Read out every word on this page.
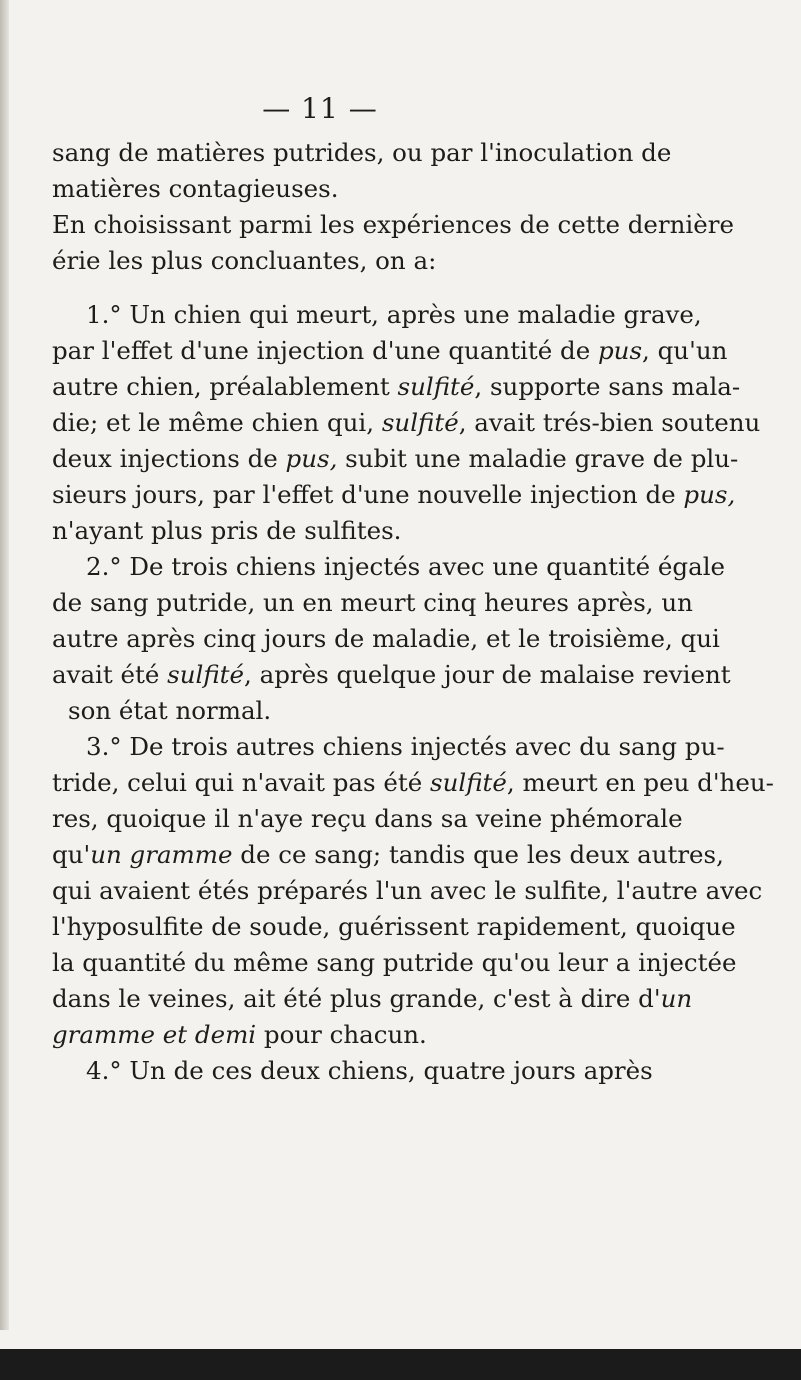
— 11 —
sang de matières putrides, ou par l'inoculation de
matières contagieuses.
En choisissant parmi les expériences de cette dernière
érie les plus concluantes, on a:
1.° Un chien qui meurt, après une maladie grave,
par l'effet d'une injection d'une quantité de pus, qu'un
autre chien, préalablement sulfité, supporte sans mala-
die; et le même chien qui, sulfité, avait trés-bien soutenu
deux injections de pus, subit une maladie grave de plu-
sieurs jours, par l'effet d'une nouvelle injection de pus,
n'ayant plus pris de sulfites.
2.° De trois chiens injectés avec une quantité égale
de sang putride, un en meurt cinq heures après, un
autre après cinq jours de maladie, et le troisième, qui
avait été sulfité, après quelque jour de malaise revient
son état normal.
3.° De trois autres chiens injectés avec du sang pu-
tride, celui qui n'avait pas été sulfité, meurt en peu d'heu-
res, quoique il n'aye reçu dans sa veine phémorale
qu'un gramme de ce sang; tandis que les deux autres,
qui avaient étés préparés l'un avec le sulfite, l'autre avec
l'hyposulfite de soude, guérissent rapidement, quoique
la quantité du même sang putride qu'ou leur a injectée
dans le veines, ait été plus grande, c'est à dire d'un
gramme et demi pour chacun.
4.° Un de ces deux chiens, quatre jours après
